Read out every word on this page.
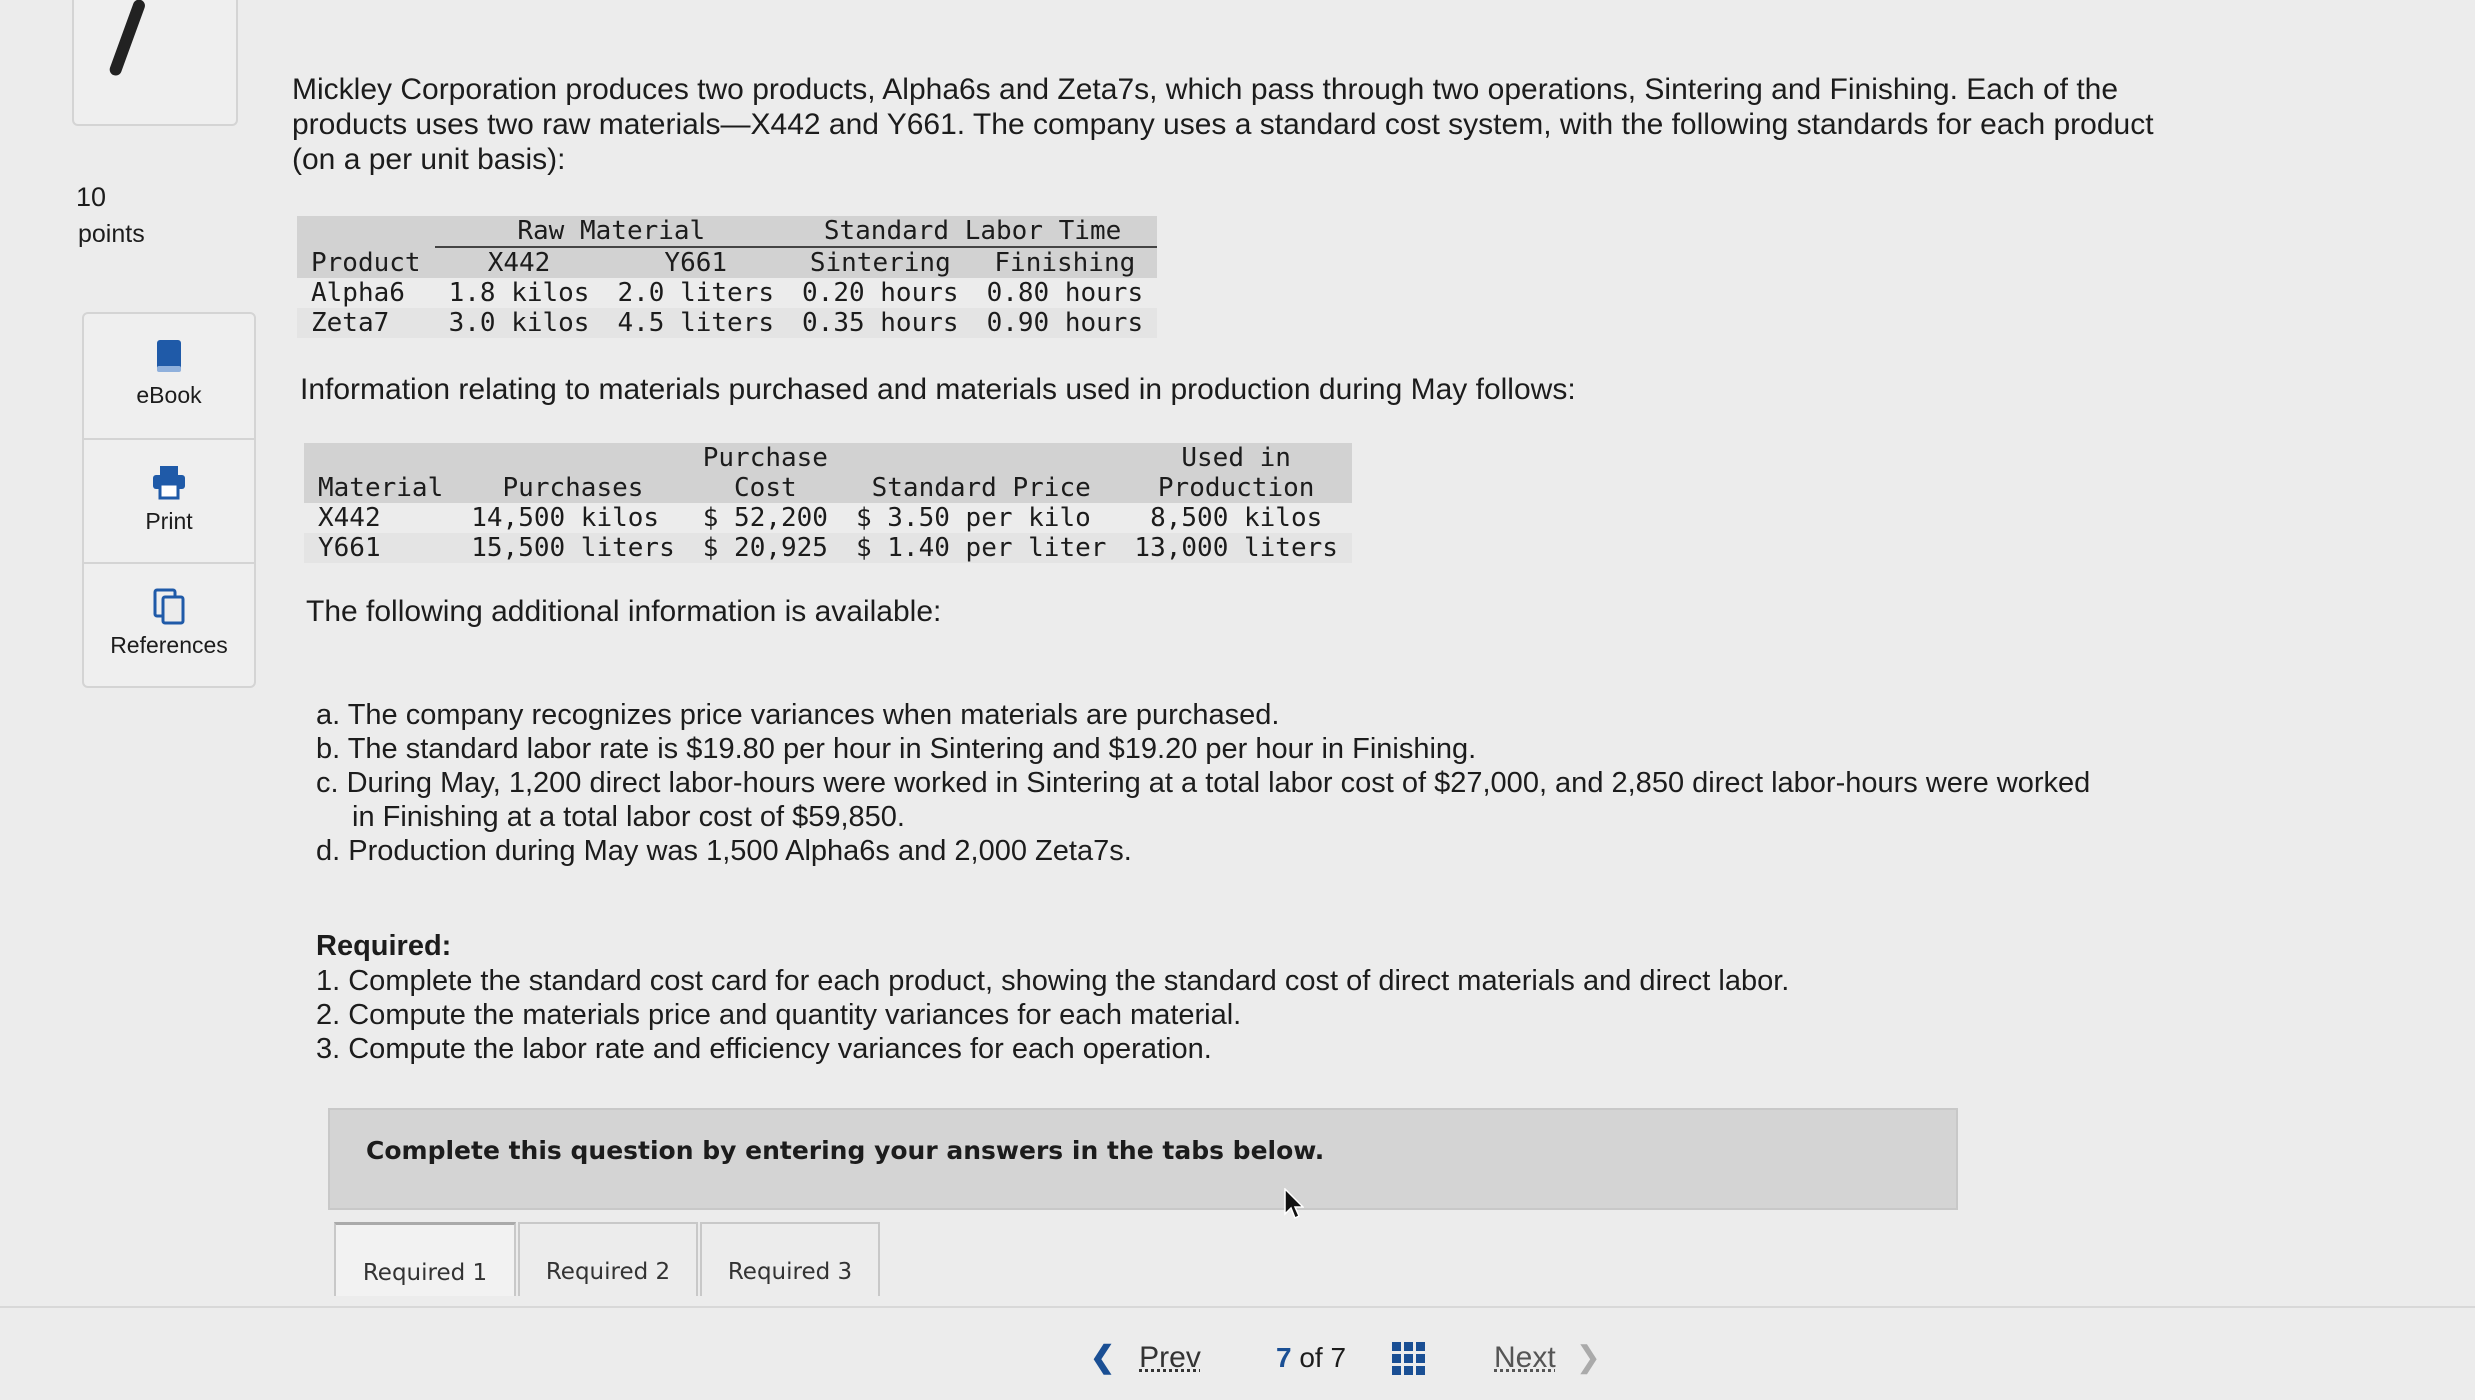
10
points
eBook
Print
References
Mickley Corporation produces two products, Alpha6s and Zeta7s, which pass through two operations, Sintering and Finishing. Each of the products uses two raw materials—X442 and Y661. The company uses a standard cost system, with the following standards for each product (on a per unit basis):
	Raw Material		Standard Labor Time	
Product	X442	Y661	Sintering	Finishing
Alpha6	1.8 kilos	2.0 liters	0.20 hours	0.80 hours
Zeta7	3.0 kilos	4.5 liters	0.35 hours	0.90 hours
Information relating to materials purchased and materials used in production during May follows:
		Purchase		Used in
Material	Purchases	Cost	Standard Price	Production
X442	14,500 kilos	$ 52,200	$ 3.50 per kilo	8,500 kilos
Y661	15,500 liters	$ 20,925	$ 1.40 per liter	13,000 liters
The following additional information is available:
a. The company recognizes price variances when materials are purchased.
b. The standard labor rate is $19.80 per hour in Sintering and $19.20 per hour in Finishing.
c. During May, 1,200 direct labor-hours were worked in Sintering at a total labor cost of $27,000, and 2,850 direct labor-hours were worked in Finishing at a total labor cost of $59,850.
d. Production during May was 1,500 Alpha6s and 2,000 Zeta7s.
Required:
1. Complete the standard cost card for each product, showing the standard cost of direct materials and direct labor.
2. Compute the materials price and quantity variances for each material.
3. Compute the labor rate and efficiency variances for each operation.
Complete this question by entering your answers in the tabs below.
Required 1	Required 2	Required 3
❮ Prev	7 of 7	Next ❯
